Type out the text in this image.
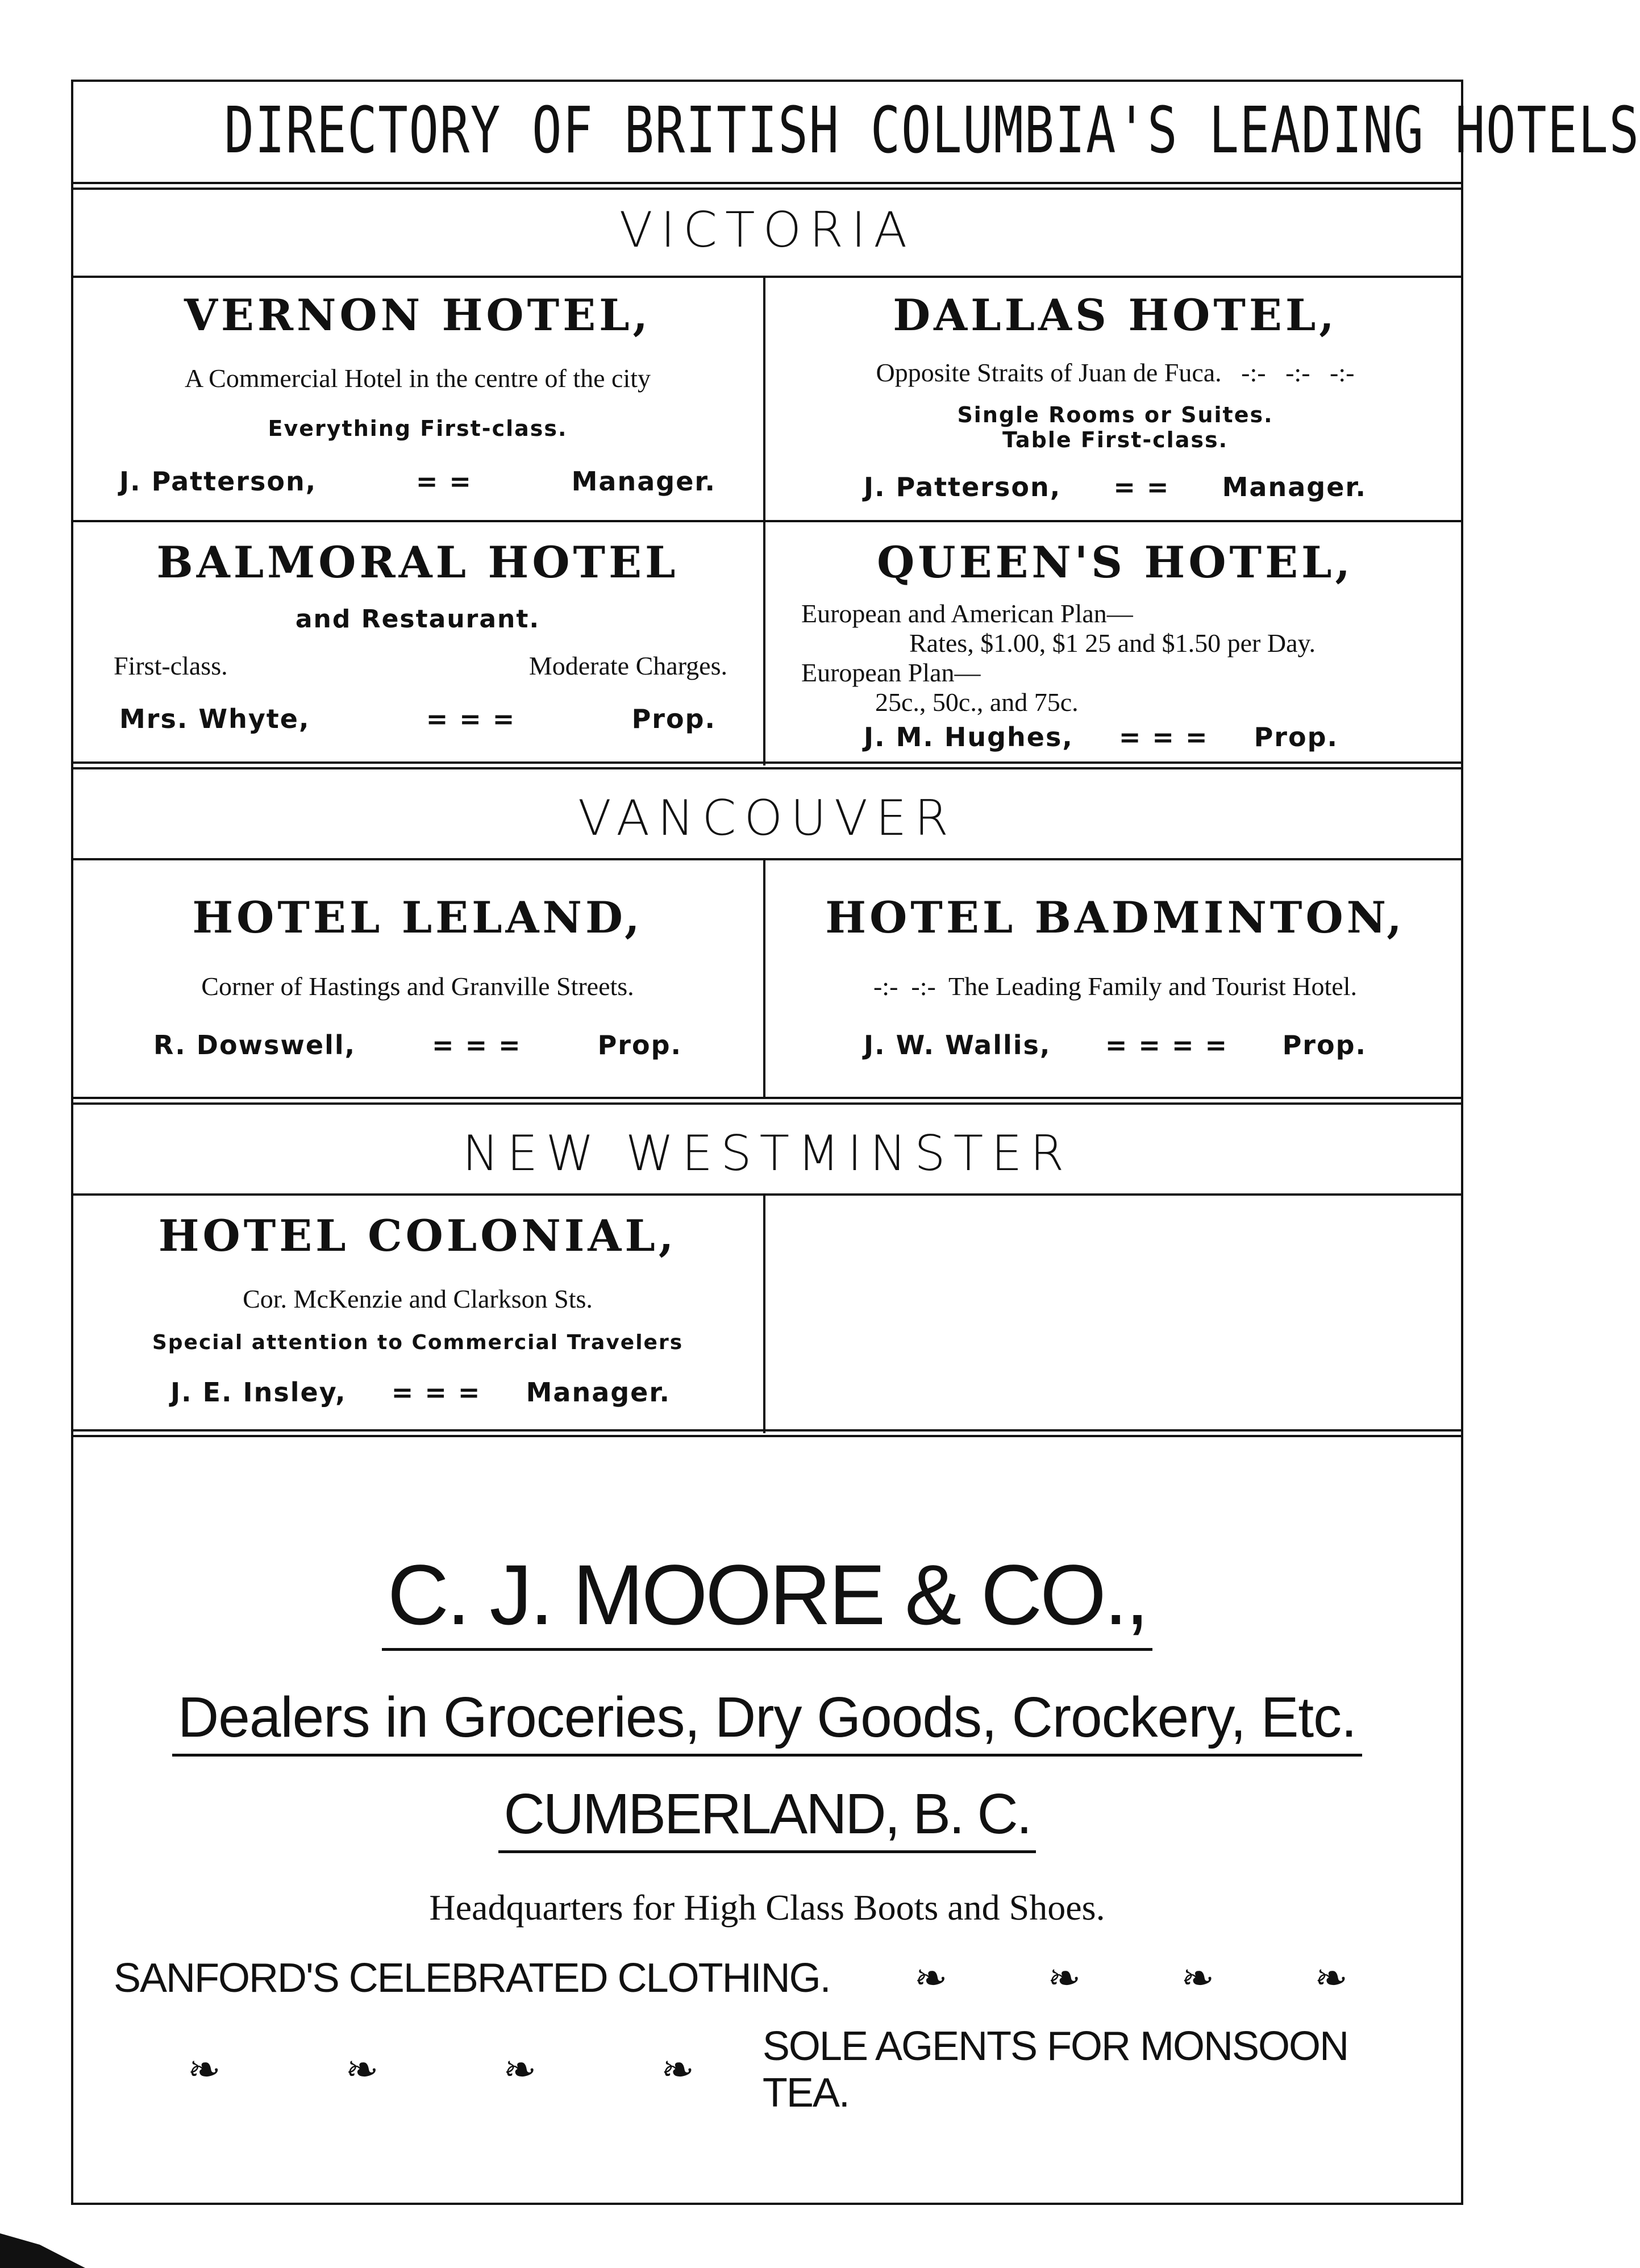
DIRECTORY OF BRITISH COLUMBIA'S LEADING HOTELS
VICTORIA
VERNON HOTEL,
A Commercial Hotel in the centre of the city
Everything First-class.
J. Patterson,	= =	Manager.
DALLAS HOTEL,
Opposite Straits of Juan de Fuca.   -:-   -:-   -:-
Single Rooms or Suites.
Table First-class.
J. Patterson, = = Manager.
BALMORAL HOTEL
and Restaurant.
First-class.	Moderate Charges.
Mrs. Whyte,	= = =	Prop.
QUEEN'S HOTEL,
European and American Plan—
Rates, $1.00, $1 25 and $1.50 per Day.
European Plan—
25c., 50c., and 75c.
J. M. Hughes, = = = Prop.
VANCOUVER
HOTEL LELAND,
Corner of Hastings and Granville Streets.
R. Dowswell,	= = =	Prop.
HOTEL BADMINTON,
-:-  -:-  The Leading Family and Tourist Hotel.
J. W. Wallis, = = = = Prop.
NEW WESTMINSTER
HOTEL COLONIAL,
Cor. McKenzie and Clarkson Sts.
Special attention to Commercial Travelers
J. E. Insley, = = = Manager.
C. J. MOORE & CO.,
Dealers in Groceries, Dry Goods, Crockery, Etc.
CUMBERLAND, B. C.
Headquarters for High Class Boots and Shoes.
SANFORD'S CELEBRATED CLOTHING. ❧	❧	❧	❧
❧	❧	❧	❧ SOLE AGENTS FOR MONSOON TEA.
